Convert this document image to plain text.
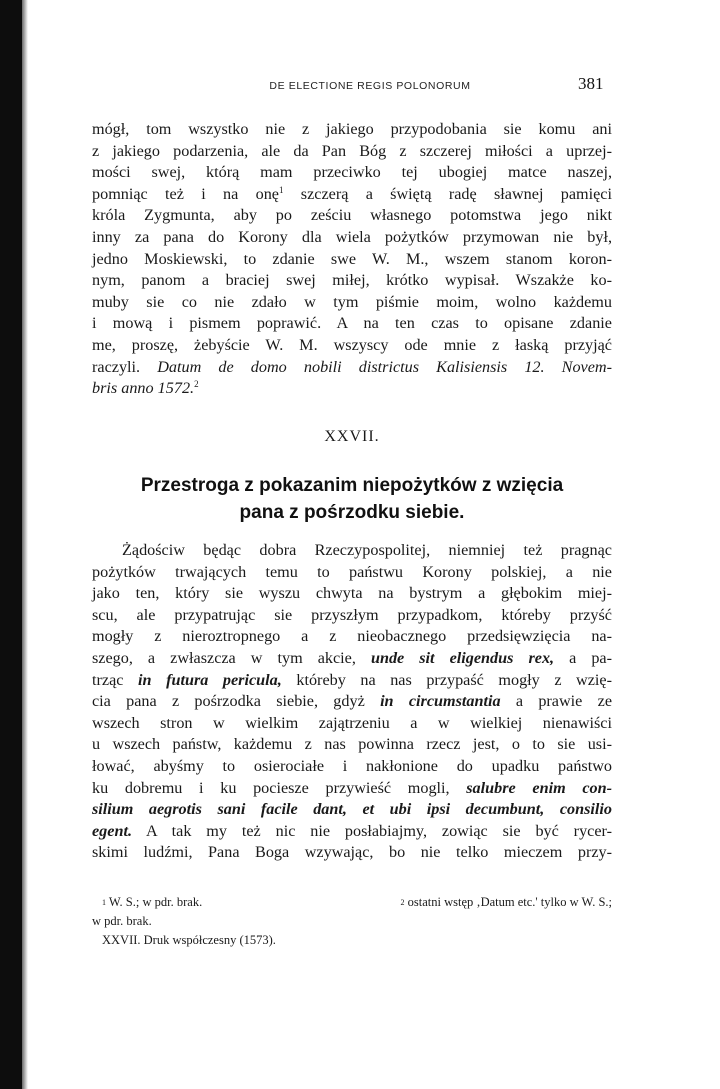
DE ELECTIONE REGIS POLONORUM	381
mógł, tom wszystko nie z jakiego przypodobania sie komu ani
z jakiego podarzenia, ale da Pan Bóg z szczerej miłości a uprzej-
mości swej, którą mam przeciwko tej ubogiej matce naszej,
pomniąc też i na onę$^1$ szczerą a świętą radę sławnej pamięci
króla Zygmunta, aby po ześciu własnego potomstwa jego nikt
inny za pana do Korony dla wiela pożytków przymowan nie był,
jedno Moskiewski, to zdanie swe W. M., wszem stanom koron-
nym, panom a braciej swej miłej, krótko wypisał. Wszakże ko-
muby sie co nie zdało w tym piśmie moim, wolno każdemu
i mową i pismem poprawić. A na ten czas to opisane zdanie
me, proszę, żebyście W. M. wszyscy ode mnie z łaską przyjąć
raczyli. Datum de domo nobili districtus Kalisiensis 12. Novem-
bris anno 1572.$^2$
XXVII.
Przestroga z pokazanim niepożytków z wzięcia
pana z pośrzodku siebie.
Żądościw będąc dobra Rzeczypospolitej, niemniej też pragnąc
pożytków trwających temu to państwu Korony polskiej, a nie
jako ten, który sie wyszu chwyta na bystrym a głębokim miej-
scu, ale przypatrując sie przyszłym przypadkom, któreby przyść
mogły z nieroztropnego a z nieobacznego przedsięwzięcia na-
szego, a zwłaszcza w tym akcie, unde sit eligendus rex, a pa-
trząc in futura pericula, któreby na nas przypaść mogły z wzię-
cia pana z pośrzodka siebie, gdyż in circumstantia a prawie ze
wszech stron w wielkim zajątrzeniu a w wielkiej nienawiści
u wszech państw, każdemu z nas powinna rzecz jest, o to sie usi-
łować, abyśmy to osierociałe i nakłonione do upadku państwo
ku dobremu i ku pociesze przywieść mogli, salubre enim con-
silium aegrotis sani facile dant, et ubi ipsi decumbunt, consilio
egent. A tak my też nic nie posłabiajmy, zowiąc sie być rycer-
skimi ludźmi, Pana Boga wzywając, bo nie telko mieczem przy-
$^1$ W. S.; w pdr. brak.	$^2$ ostatni wstęp ‚Datum etc.' tylko w W. S.;
w pdr. brak.
XXVII. Druk współczesny (1573).
